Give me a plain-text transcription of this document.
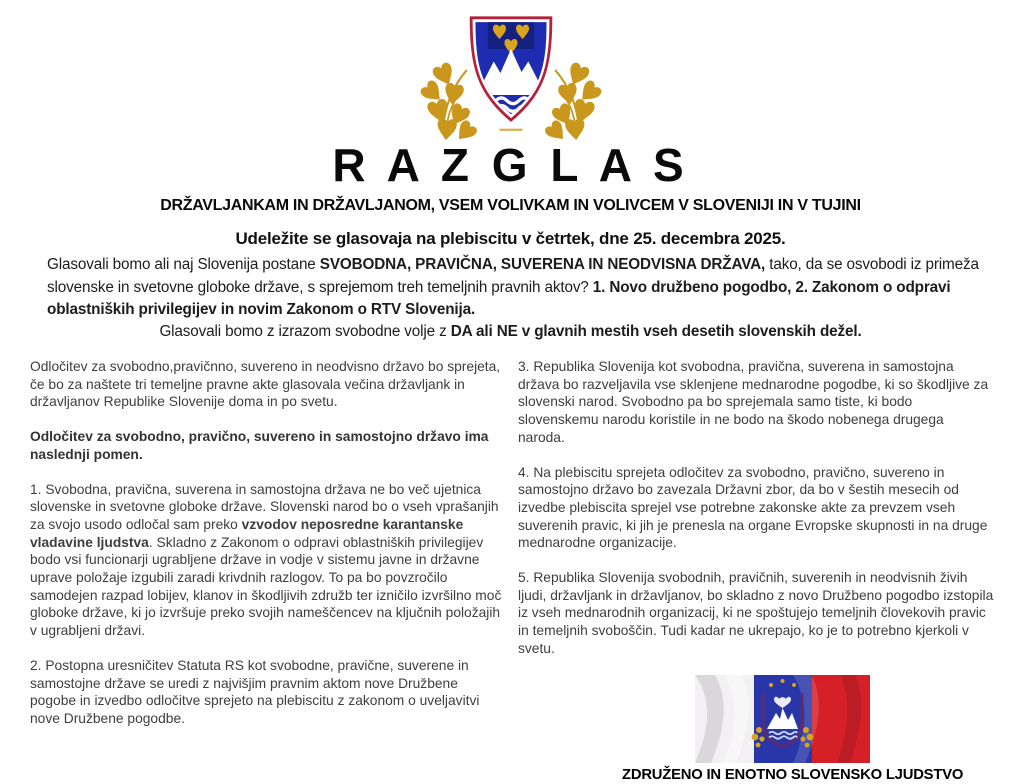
R A Z G L A S
DRŽAVLJANKAM IN DRŽAVLJANOM, VSEM VOLIVKAM IN VOLIVCEM V SLOVENIJI IN V TUJINI
Udeležite se glasovaja na plebiscitu v četrtek, dne 25. decembra 2025.

Glasovali bomo ali naj Slovenija postane SVOBODNA, PRAVIČNA, SUVERENA IN NEODVISNA DRŽAVA, tako, da se osvobodi iz primeža slovenske in svetovne globoke države, s sprejemom treh temeljnih pravnih aktov? 1. Novo družbeno pogodbo, 2. Zakonom o odpravi oblastniških privilegijev in novim Zakonom o RTV Slovenija.

Glasovali bomo z izrazom svobodne volje z DA ali NE v glavnih mestih vseh desetih slovenskih dežel.

Odločitev za svobodno,pravičnno, suvereno in neodvisno državo bo sprejeta, če bo za naštete tri temeljne pravne akte glasovala večina državljank in državljanov Republike Slovenije doma in po svetu.

Odločitev za svobodno, pravično, suvereno in samostojno državo ima naslednji pomen.

1. Svobodna, pravična, suverena in samostojna država ne bo več ujetnica slovenske in svetovne globoke države. Slovenski narod bo o vseh vprašanjih za svojo usodo odločal sam preko vzvodov neposredne karantanske vladavine ljudstva. Skladno z Zakonom o odpravi oblastniških privilegijev bodo vsi funcionarji ugrabljene države in vodje v sistemu javne in državne uprave položaje izgubili zaradi krivdnih razlogov. To pa bo povzročilo samodejen razpad lobijev, klanov in škodljivih združb ter izničilo izvršilno moč globoke države, ki jo izvršuje preko svojih nameščencev na ključnih položajih v ugrabljeni državi.

2. Postopna uresničitev Statuta RS kot svobodne, pravične, suverene in samostojne države se uredi z najvišjim pravnim aktom nove Družbene pogobe in izvedbo odločitve sprejeto na plebiscitu z zakonom o uveljavitvi nove Družbene pogodbe.

3. Republika Slovenija kot svobodna, pravična, suverena in samostojna država bo razveljavila vse sklenjene mednarodne pogodbe, ki so škodljive za slovenski narod. Svobodno pa bo sprejemala samo tiste, ki bodo slovenskemu narodu koristile in ne bodo na škodo nobenega drugega naroda.

4. Na plebiscitu sprejeta odločitev za svobodno, pravično, suvereno in samostojno državo bo zavezala Državni zbor, da bo v šestih mesecih od izvedbe plebiscita sprejel vse potrebne zakonske akte za prevzem vseh suverenih pravic, ki jih je prenesla na organe Evropske skupnosti in na druge mednarodne organizacije.

5. Republika Slovenija svobodnih, pravičnih, suverenih in neodvisnih živih ljudi, državljank in državljanov, bo skladno z novo Družbeno pogodbo izstopila iz vseh mednarodnih organizacij, ki ne spoštujejo temeljnih človekovih pravic in temeljnih svoboščin. Tudi kadar ne ukrepajo, ko je to potrebno kjerkoli v svetu.

ZDRUŽENO IN ENOTNO SLOVENSKO LJUDSTVO
